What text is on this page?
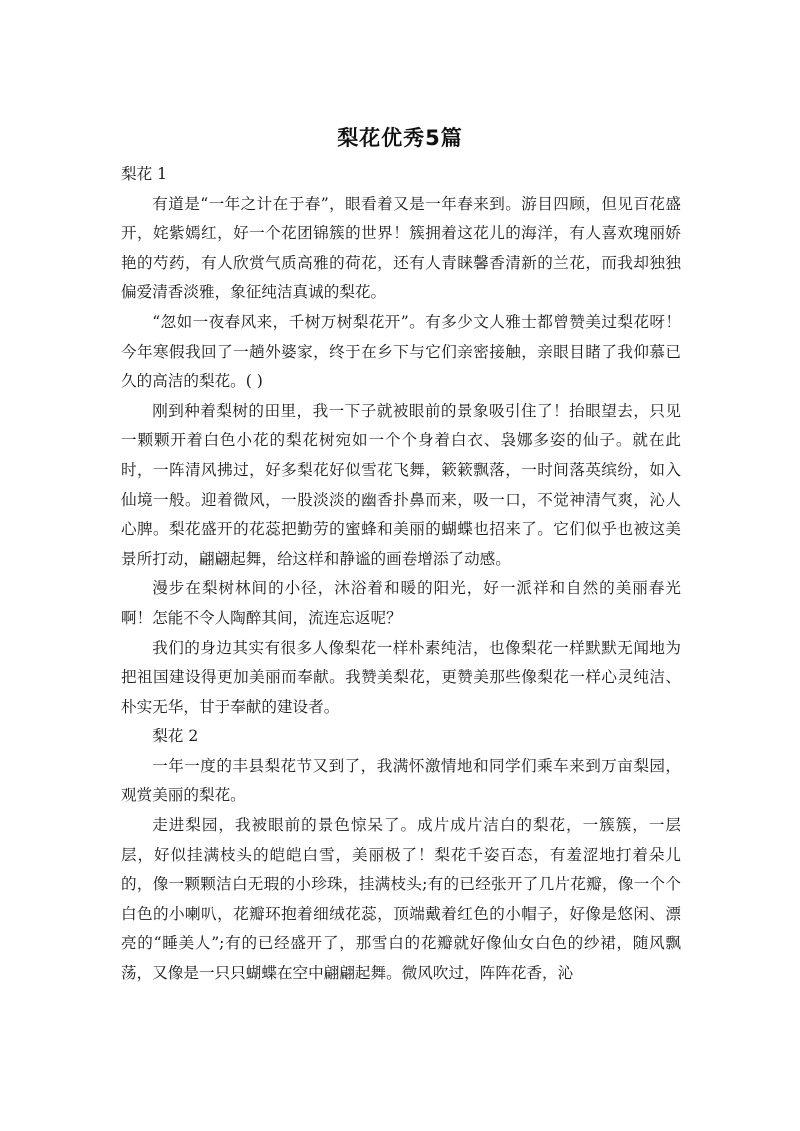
梨花优秀5篇

梨花 1

有道是“一年之计在于春”，眼看着又是一年春来到。游目四顾，但见百花盛开，姹紫嫣红，好一个花团锦簇的世界！簇拥着这花儿的海洋，有人喜欢瑰丽娇艳的芍药，有人欣赏气质高雅的荷花，还有人青睐馨香清新的兰花，而我却独独偏爱清香淡雅，象征纯洁真诚的梨花。

“忽如一夜春风来，千树万树梨花开”。有多少文人雅士都曾赞美过梨花呀！今年寒假我回了一趟外婆家，终于在乡下与它们亲密接触，亲眼目睹了我仰慕已久的高洁的梨花。( )

刚到种着梨树的田里，我一下子就被眼前的景象吸引住了！抬眼望去，只见一颗颗开着白色小花的梨花树宛如一个个身着白衣、袅娜多姿的仙子。就在此时，一阵清风拂过，好多梨花好似雪花飞舞，簌簌飘落，一时间落英缤纷，如入仙境一般。迎着微风，一股淡淡的幽香扑鼻而来，吸一口，不觉神清气爽，沁人心脾。梨花盛开的花蕊把勤劳的蜜蜂和美丽的蝴蝶也招来了。它们似乎也被这美景所打动，翩翩起舞，给这样和静谧的画卷增添了动感。

漫步在梨树林间的小径，沐浴着和暖的阳光，好一派祥和自然的美丽春光啊！怎能不令人陶醉其间，流连忘返呢？

我们的身边其实有很多人像梨花一样朴素纯洁，也像梨花一样默默无闻地为把祖国建设得更加美丽而奉献。我赞美梨花，更赞美那些像梨花一样心灵纯洁、朴实无华，甘于奉献的建设者。

梨花 2

一年一度的丰县梨花节又到了，我满怀激情地和同学们乘车来到万亩梨园，观赏美丽的梨花。

走进梨园，我被眼前的景色惊呆了。成片成片洁白的梨花，一簇簇，一层层，好似挂满枝头的皑皑白雪，美丽极了！梨花千姿百态，有羞涩地打着朵儿的，像一颗颗洁白无瑕的小珍珠，挂满枝头;有的已经张开了几片花瓣，像一个个白色的小喇叭，花瓣环抱着细绒花蕊，顶端戴着红色的小帽子，好像是悠闲、漂亮的“睡美人”;有的已经盛开了，那雪白的花瓣就好像仙女白色的纱裙，随风飘荡，又像是一只只蝴蝶在空中翩翩起舞。微风吹过，阵阵花香，沁
